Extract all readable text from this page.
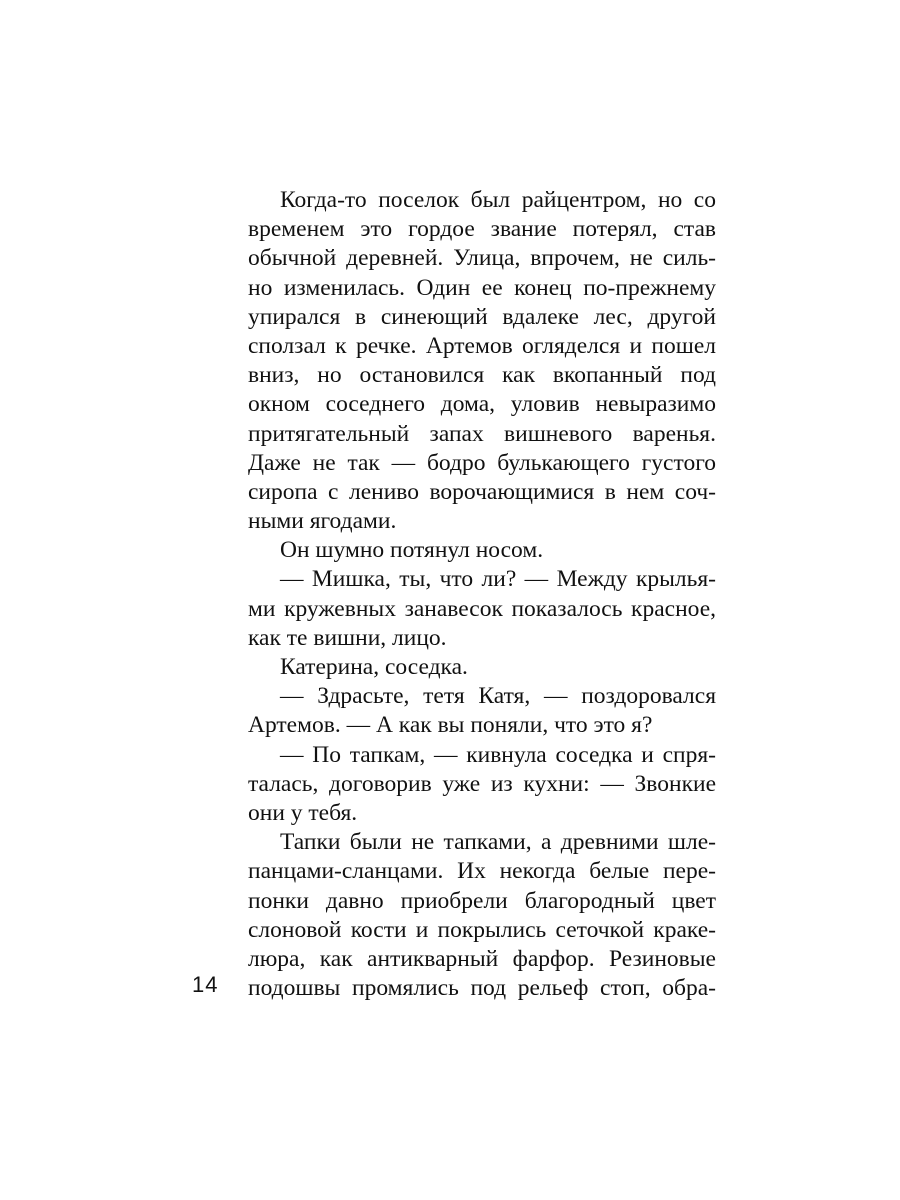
Когда-то поселок был райцентром, но со
временем это гордое звание потерял, став
обычной деревней. Улица, впрочем, не силь-
но изменилась. Один ее конец по-прежнему
упирался в синеющий вдалеке лес, другой
сползал к речке. Артемов огляделся и пошел
вниз, но остановился как вкопанный под
окном соседнего дома, уловив невыразимо
притягательный запах вишневого варенья.
Даже не так — бодро булькающего густого
сиропа с лениво ворочающимися в нем соч-
ными ягодами.
Он шумно потянул носом.
— Мишка, ты, что ли? — Между крылья-
ми кружевных занавесок показалось красное,
как те вишни, лицо.
Катерина, соседка.
— Здрасьте, тетя Катя, — поздоровался
Артемов. — А как вы поняли, что это я?
— По тапкам, — кивнула соседка и спря-
талась, договорив уже из кухни: — Звонкие
они у тебя.
Тапки были не тапками, а древними шле-
панцами-сланцами. Их некогда белые пере-
понки давно приобрели благородный цвет
слоновой кости и покрылись сеточкой краке-
люра, как антикварный фарфор. Резиновые
подошвы промялись под рельеф стоп, обра-
14
